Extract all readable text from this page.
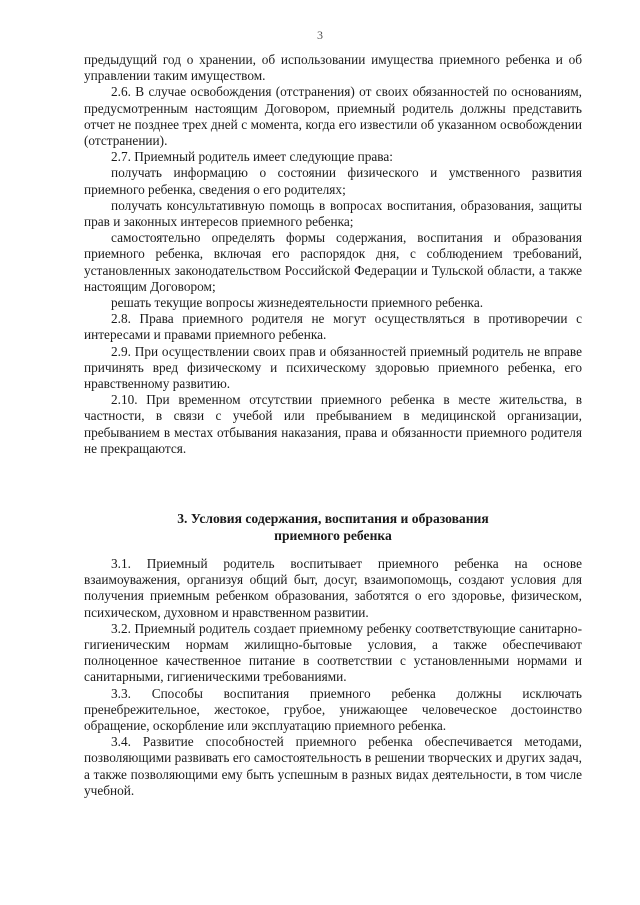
3

предыдущий год о хранении, об использовании имущества приемного ребенка и об управлении таким имуществом.

2.6. В случае освобождения (отстранения) от своих обязанностей по основаниям, предусмотренным настоящим Договором, приемный родитель должны представить отчет не позднее трех дней с момента, когда его известили об указанном освобождении (отстранении).

2.7. Приемный родитель имеет следующие права:

получать информацию о состоянии физического и умственного развития приемного ребенка, сведения о его родителях;

получать консультативную помощь в вопросах воспитания, образования, защиты прав и законных интересов приемного ребенка;

самостоятельно определять формы содержания, воспитания и образования приемного ребенка, включая его распорядок дня, с соблюдением требований, установленных законодательством Российской Федерации и Тульской области, а также настоящим Договором;

решать текущие вопросы жизнедеятельности приемного ребенка.

2.8. Права приемного родителя не могут осуществляться в противоречии с интересами и правами приемного ребенка.

2.9. При осуществлении своих прав и обязанностей приемный родитель не вправе причинять вред физическому и психическому здоровью приемного ребенка, его нравственному развитию.

2.10. При временном отсутствии приемного ребенка в месте жительства, в частности, в связи с учебой или пребыванием в медицинской организации, пребыванием в местах отбывания наказания, права и обязанности приемного родителя не прекращаются.

3. Условия содержания, воспитания и образования
приемного ребенка

3.1. Приемный родитель воспитывает приемного ребенка на основе взаимоуважения, организуя общий быт, досуг, взаимопомощь, создают условия для получения приемным ребенком образования, заботятся о его здоровье, физическом, психическом, духовном и нравственном развитии.

3.2. Приемный родитель создает приемному ребенку соответствующие санитарно-гигиеническим нормам жилищно-бытовые условия, а также обеспечивают полноценное качественное питание в соответствии с установленными нормами и санитарными, гигиеническими требованиями.

3.3. Способы воспитания приемного ребенка должны исключать пренебрежительное, жестокое, грубое, унижающее человеческое достоинство обращение, оскорбление или эксплуатацию приемного ребенка.

3.4. Развитие способностей приемного ребенка обеспечивается методами, позволяющими развивать его самостоятельность в решении творческих и других задач, а также позволяющими ему быть успешным в разных видах деятельности, в том числе учебной.
